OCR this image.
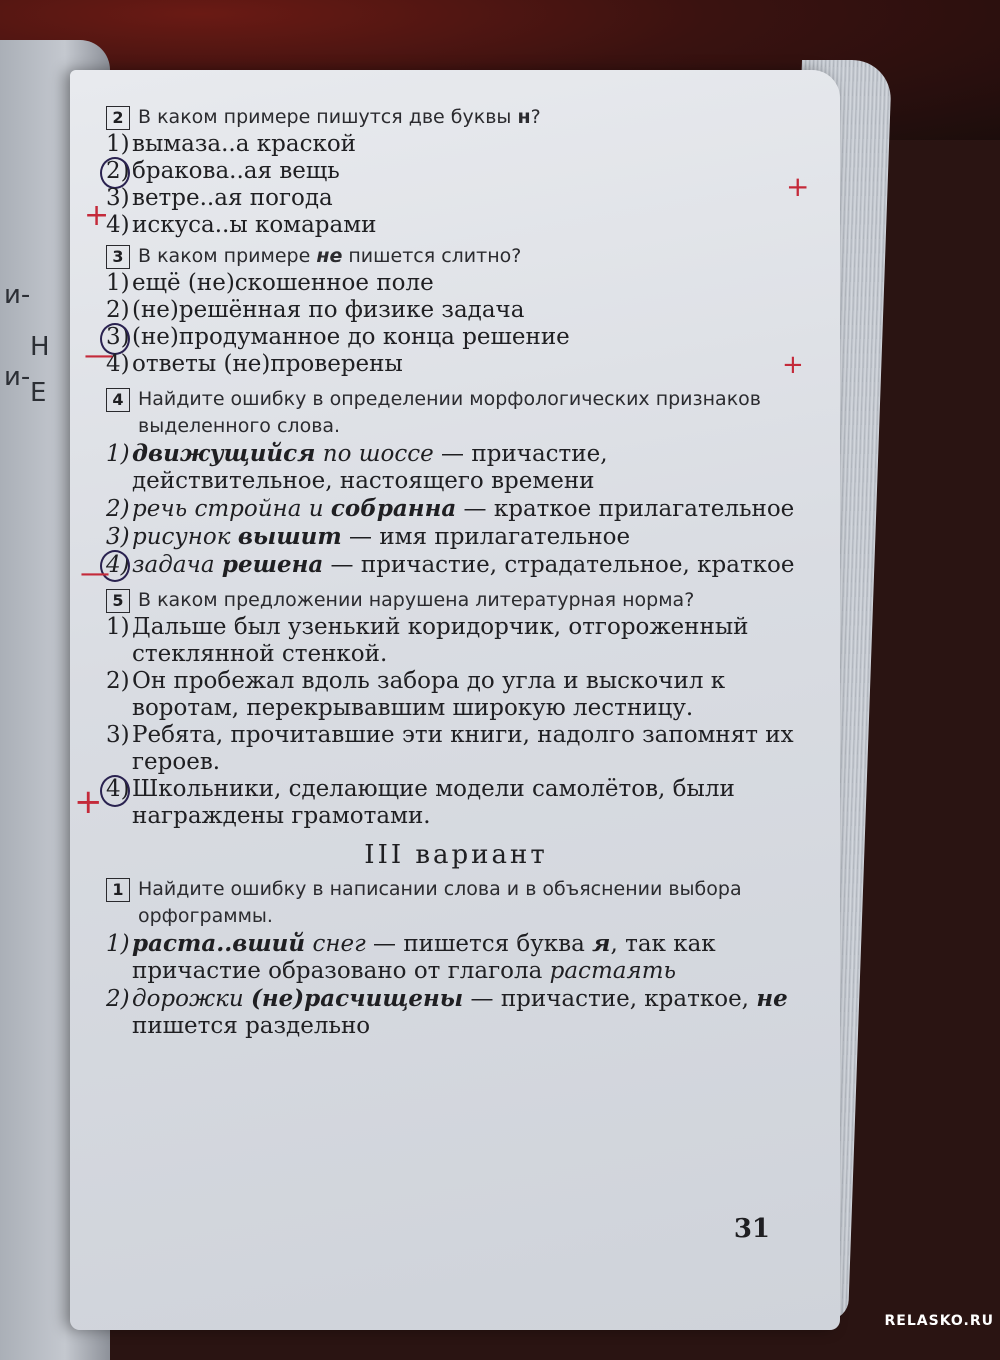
и-
и-
Н
Е
2 В каком примере пишутся две буквы н?
1) вымаза..а краской
2) бракова..ая вещь
3) ветре..ая погода
4) искуса..ы комарами
3 В каком примере не пишется слитно?
1) ещё (не)скошенное поле
2) (не)решённая по физике задача
3) (не)продуманное до конца решение
4) ответы (не)проверены
4 Найдите ошибку в определении морфологических признаков выделенного слова.
1) движущийся по шоссе — причастие, действительное, настоящего времени
2) речь стройна и собранна — краткое прилагательное
3) рисунок вышит — имя прилагательное
4) задача решена — причастие, страдательное, краткое
5 В каком предложении нарушена литературная норма?
1) Дальше был узенький коридорчик, отгороженный стеклянной стенкой.
2) Он пробежал вдоль забора до угла и выскочил к воротам, перекрывавшим широкую лестницу.
3) Ребята, прочитавшие эти книги, надолго запомнят их героев.
4) Школьники, сделающие модели самолётов, были награждены грамотами.
III вариант
1 Найдите ошибку в написании слова и в объяснении выбора орфограммы.
1) раста..вший снег — пишется буква я, так как причастие образовано от глагола растаять
2) дорожки (не)расчищены — причастие, краткое, не пишется раздельно
31
+
—
—
+
+
+
RELASKO.RU
